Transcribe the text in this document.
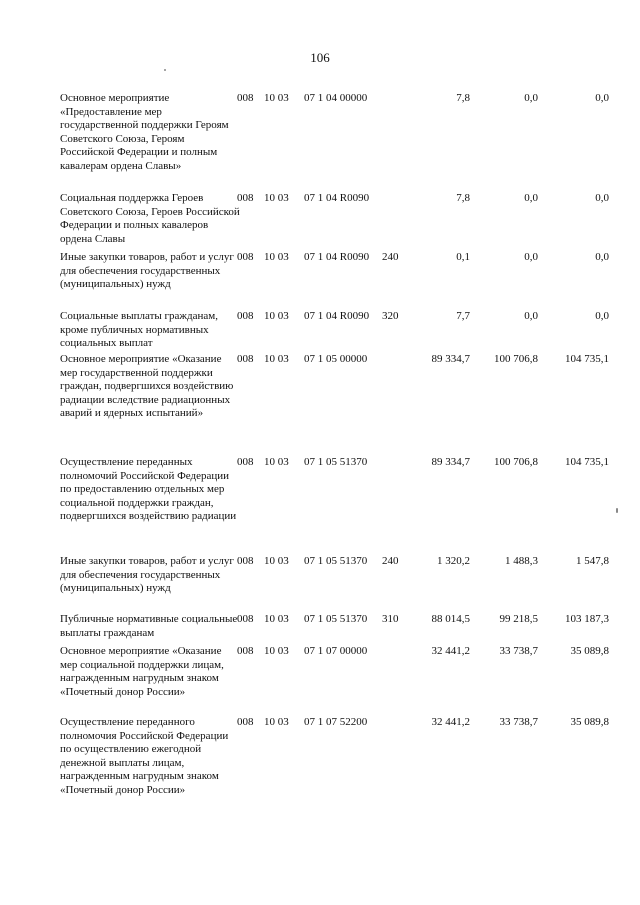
106
Основное мероприятие «Предоставление мер государственной поддержки Героям Советского Союза, Героям Российской Федерации и полным кавалерам ордена Славы»
008 10 03	07 1 04 00000	7,8	0,0	0,0
Социальная поддержка Героев Советского Союза, Героев Российской Федерации и полных кавалеров ордена Славы
008 10 03	07 1 04 R0090	7,8	0,0	0,0
Иные закупки товаров, работ и услуг для обеспечения государственных (муниципальных) нужд
008 10 03	07 1 04 R0090	240	0,1	0,0	0,0
Социальные выплаты гражданам, кроме публичных нормативных социальных выплат
008 10 03	07 1 04 R0090	320	7,7	0,0	0,0
Основное мероприятие «Оказание мер государственной поддержки граждан, подвергшихся воздействию радиации вследствие радиационных аварий и ядерных испытаний»
008 10 03	07 1 05 00000	89 334,7	100 706,8	104 735,1
Осуществление переданных полномочий Российской Федерации по предоставлению отдельных мер социальной поддержки граждан, подвергшихся воздействию радиации
008 10 03	07 1 05 51370	89 334,7	100 706,8	104 735,1
Иные закупки товаров, работ и услуг для обеспечения государственных (муниципальных) нужд
008 10 03	07 1 05 51370	240	1 320,2	1 488,3	1 547,8
Публичные нормативные социальные выплаты гражданам
008 10 03	07 1 05 51370	310	88 014,5	99 218,5	103 187,3
Основное мероприятие «Оказание мер социальной поддержки лицам, награжденным нагрудным знаком «Почетный донор России»
008 10 03	07 1 07 00000	32 441,2	33 738,7	35 089,8
Осуществление переданного полномочия Российской Федерации по осуществлению ежегодной денежной выплаты лицам, награжденным нагрудным знаком «Почетный донор России»
008 10 03	07 1 07 52200	32 441,2	33 738,7	35 089,8
